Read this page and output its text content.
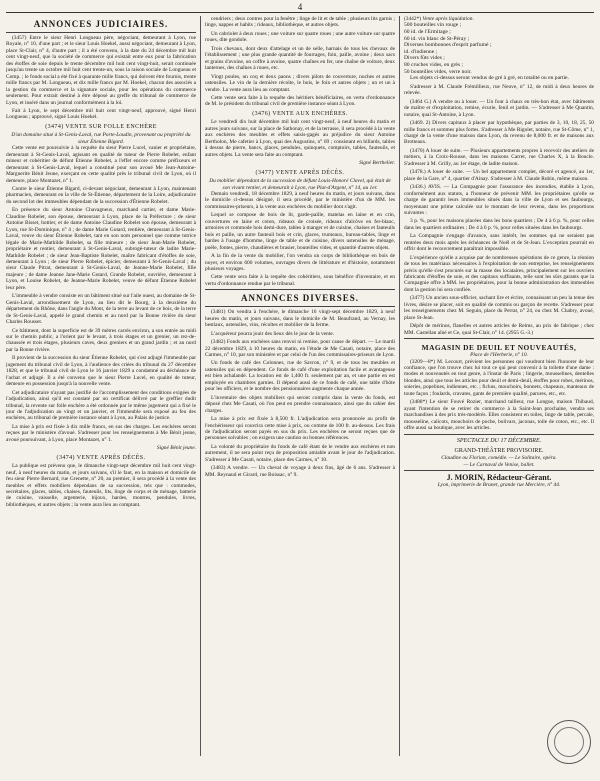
4
ANNONCES JUDICIAIRES.

(3457) Entre le sieur Henri Longueau père, négociant, demeurant à Lyon, rue Royale, n° 10, d'une part ; et le sieur Louis Hoekel, aussi négociant, demeurant à Lyon, place St-Clair, n° 4, d'autre part ; il a été convenu, à la date du 24 décembre mil huit cent vingt-neuf, que la société de commerce qui existait entre eux pour la fabrication des étoffes de soie depuis le trente décembre mil huit cent vingt-huit, serait continuée jusqu'au trente un octobre mil huit cent trente-un, sous la raison sociale de Longueau et Comp. ; le fonds social a été fixé à quarante mille francs, qui doivent être fournis, trente mille francs par M. Longueau, et dix mille francs par M. Hoekel, chacun des associés a la gestion du commerce et la signature sociale, pour les opérations du commerce seulement. Pour extrait destiné à être déposé au greffe du tribunal de commerce de Lyon, et inséré dans un journal conformément à la loi.

Fait à Lyon, le sept décembre mil huit cent vingt-neuf, approuvé, signé Henri Longueau ; approuvé, signé Louis Hoekel.

(3474) VENTE SUR FOLLE ENCHÈRE
D'un domaine situé à St-Genis-Laval, rue Porte-Loudin, provenant ou propriété du sieur Étienne Bigard.

Cette vente est poursuivie à la requête du sieur Pierre Lucel, vanier et propriétaire, demeurant à St-Genis-Laval, agissant en qualité de tuteur de Pierre Robelet, enfant mineur et cohéritier de défunt Étienne Robelet, a l'effet encore comme préfixeurs et demeurant à St-Genis-Laval, lequel a constitué pour son avoué Me Jean-Antoine-Marguerite Bénit Jeune, exerçant en cette qualité près le tribunal civil de Lyon, où il demeure, place Montazet, n° 1.

Contre le sieur Étienne Bigard, ci-devant négociant, demeurant à Lyon, maintenant pharmacien, demeurant en la ville de St-Étienne, département de la Loire, adjudicataire du second lot des immeubles dépendant de la succession d'Étienne Robelet.

En présence du sieur Antoine Chavagneux, marchand cartier, et dame Marie-Claudine Robelet, son épouse, demeurant à Lyon, place de la Préfecture ; de sieur Antoine Bisset, bottier, et de dame Antoine Claudine Robelet son épouse, demeurant à Lyon, rue St-Dominique, n° 4 ; de dame Marie Gotard, rentière, demeurant à St-Genis-Laval, veuve du sieur Étienne Robelet, tant en son nom personnel que comme tutrice légale de Marie-Mathilde Robelet, sa fille mineure ; de sieur Jean-Marie Robelet, propriétaire et rentier, demeurant à St-Genis-Laval, subrogé-tuteur de ladite Marie-Mathilde Robelet ; de sieur Jean-Baptiste Robelet, maître fabricant d'étoffes de soie, demeurant à Lyon ; de sieur Pierre Robelet, épicier, demeurant à St-Genis-Laval ; du sieur Claude Pitrat, demeurant à St-Genis-Laval, de Jeanne-Marie Robelet, fille majeure ; de dame Jeanne Jane-Marie Gotard, Grande Robelet, ouvrière, demeurant à Lyon, et Louise Robelet, de Jeanne-Marie Robelet, veuve de défunt Étienne Robelet leur père.

L'immeuble à vendre consiste en un bâtiment situé sur l'aile ouest, au domaine de St-Genis-Laval, arrondissement de Lyon, au lieu dit le Bourg, à la deuxième du département du Rhône, dans l'angle du Mont, de la terre au levant de ce bois, de la terre de St-Genis-Laval, appelé le grand chemin et au nord par la Bonne rivière du sieur Charles Rousset.

Ce bâtiment, dont la superficie est de 39 mètres carrés environ, a son entrée au midi sur le chemin public, a l'orient par le levant, à trois étages et un grenier, un rez-de-chaussée et trois étages, plusieurs caves, deux greniers et un grand jardin ; et au nord par la Bonne rivière.

Il provient de la succession du sieur Étienne Robelet, qui s'est adjugé l'immeuble par jugement du tribunal civil de Lyon, à l'audience des criées du tribunal du 27 décembre 1828, et que le tribunal civil de Lyon le 16 janvier 1829 a condamné au déchéance de l'achat et adjugé. Il a été convenu que le sieur Pierre Lucel, en qualité de tuteur, demeure en possession jusqu'à la nouvelle vente.

Cet adjudicataire n'ayant pas justifié de l'accomplissement des conditions exigées de l'adjudication, ainsi qu'il est constaté par un certificat délivré par le greffier dudit tribunal, la revente sur folle enchère a été ordonnée par le même jugement qui a fixé le jour de l'adjudication au vingt et un janvier, et l'immeuble sera exposé au feu des enchères, au tribunal de première instance séant à Lyon, au Palais de justice.

La mise à prix est fixée à dix mille francs, en sus des charges. Les enchères seront reçues par le ministère d'avoué. S'adresser pour les renseignements à Me Bénit jeune, avoué poursuivant, à Lyon, place Montazet, n° 1.

Signé Bénit jeune.
(3474) VENTE APRÈS DÉCÈS.

La publique est prévenu que, le dimanche vingt-sept décembre mil huit cent vingt-neuf, à neuf heures du matin, et jours suivans, s'il le faut, en la maison et domicile de feu sieur Pierre Bernard, rue Grenette, n° 20, au premier, il sera procédé à la vente des meubles et effets mobiliers dépendans de sa succession, tels que : commodes, secrétaires, glaces, tables, chaises, fauteuils, lits, linge de corps et de ménage, batterie de cuisine, vaisselle, argenterie, bijoux, hardes, montres, pendules, livres, bibliothèques, et autres objets ; la vente aura lieu au comptant.

cendriers ; deux contres pour la fenêtre ; linge de lit et de table ; plusieurs lits garnis ; linge, nappes et habits ; rideaux, bibliothèque, et autres objets.

Un cabriolet à deux roues ; une voiture sur quatre roues ; une autre voiture sur quatre roues, dite gondole.

Trois chevaux, dont deux d'attelage et un de selle, harnais de tous les chevaux de l'établissement ; une plus grande quantité de fourrages, foin, paille, avoine ; deux sacs et grains d'avoine, un coffre à avoine, quatre chaînes en fer, une chaîne de voiture, deux lanternes, des chaînes à roues, etc.

Vingt poules, un coq et deux paons ; divers pilots de couverture, nuches et autres ustensiles. Le vin de la dernière récolte, le bois, le foin et autres objets ; un et un à vendre. La vente aura lieu au comptant.

Cette vente sera faite à la requête des héritiers bénéficiaires, en vertu d'ordonnance de M. le président du tribunal civil de première instance séant à Lyon.

(3476) VENTE AUX ENCHÈRES.

Le vendredi dix huit décembre mil huit cent vingt-neuf, à neuf heures du matin et autres jours suivans, sur la place de Sathonay, et de la terrasse, il sera procédé à la vente aux enchères des meubles et effets saisis-gagés au préjudice du sieur Antoine Bertholon, Me cafetier à Lyon, quai des Augustins, n° 69 ; consistant en billards, tables à dessus de pierre, bancs, glaces, pendules, quinquets, comptoirs, tables, fauteuils, et autres objets. La vente sera faite au comptant.

Signé Berthelier.
(3477) VENTE APRÈS DÉCÈS.
Du mobilier dépendant de la succession de défunt Louis-Honoré Clavel, qui était de son vivant rentier, et demeurait à Lyon, rue Plat-d'Argent, n° 14, au 1er.

Demain vendredi, 18 décembre 1829, à neuf heures du matin, et jours suivans, dans le domicile ci-dessus désigné, il sera procédé, par le ministère d'un de MM. les commissaires-priseurs, à la vente aux enchères du mobilier dont s'agit.

Lequel se compose de bois de lit, garde-paille, matelas en laine et en crin, couvertures en laine et coton, rideaux de croisée, rideaux d'alcôve en fer-blanc, armoires et commode bois demi-dure, tables à manger et de cuisine, chaises et fauteuils bois et paille, un autre fauteuil bois et crin, glaces, trumeaux, bureau-tables, linge et hardes à l'usage d'homme, linge de table et de cuisine, divers ustensiles de ménage, poêle, fontes, pierre, chaudières et brasier, bouteilles vides, et quantité d'autres objets.

A la fin de la vente du mobilier, l'on vendra un corps de bibliothèque en bois de noyer, et environ 600 volumes, ouvrages divers de littérature et d'histoire, notamment plusieurs voyages.

Cette vente sera faite à la requête des cohéritiers, sous bénéfice d'inventaire, et en vertu d'ordonnance rendue par le tribunal.

ANNONCES DIVERSES.

(3481) On vendra à l'enchère, le dimanche 16 vingt-sept décembre 1829, à neuf heures du matin, et jours suivans, dans le domicile de M. Beaufrand, au Vernay, les bestiaux, ustensiles, vins, récoltes et mobilier de la ferme.

L'acquéreur pourra jouir des lieux dès le jour de la vente.

(3482) Fonds aux enchères sans renvoi ni remise, pour cause de départ. — Le mardi 22 décembre 1829, à 10 heures du matin, en l'étude de Me Casati, notaire, place des Carmes, n° 10, par son ministère et par celui de l'un des commissaires-priseurs de Lyon.

Un fonds de café des Colonnes, rue de Savron, n° 9, et de tous les meubles et ustensiles qui en dépendent. Ce fonds de café d'une exploitation facile et avantageuse est bien achalandé. La location est de 1,400 fr. seulement par an, et une partie en est employée en chambres garnies. Il dépend aussi de ce fonds de café, une table d'hôte pour les officiers, et le nombre des pensionnaires augmente chaque année.

L'inventaire des objets mobiliers qui seront compris dans la vente du fonds, est déposé chez Me Casati, où l'on peut en prendre connaissance, ainsi que du cahier des charges.

La mise à prix est fixée à 8,500 fr. L'adjudication sera prononcée au profit de l'enchérisseur qui couvrira cette mise à prix, ou comme de 100 fr. au-dessus. Les frais de l'adjudication seront payés en sus du prix. Les enchères ne seront reçues que de personnes solvables ; on exigera une caution ou bonnes références.

La volonté du propriétaire du fonds de café étant de le vendre aux enchères et non autrement, il ne sera point reçu de proposition amiable avant le jour de l'adjudication. S'adresser à Me Casati, notaire, place des Carmes, n° 10.

(3483) A vendre. — Un cheval de voyage à deux fins, âgé de 6 ans. S'adresser à MM. Reynaud et Girard, rue Boissac, n° 9.

(3442*) Vente après liquidation.
500 bouteilles vin rouge ;
60 id. de l'Ermitage ;
60 id. vin blanc de St-Péray ;
Diverses bombonnes d'esprit parfumé ;
id. d'indienne ;
Divers fûts vides ;
80 cruches vides, en grès ;
50 bouteilles vides, verre noir.

Les objets ci-dessus seront vendus de gré à gré, en totalité ou en partie.

S'adresser à M. Claude Frémillieux, rue Neuve, n° 12, de midi à deux heures de relevée.

(3464 G.) A vendre ou à louer. — Un four à chaux en très-bon état, avec bâtiments de maître et d'exploitation, remise, écurie, fenil et jardin. — S'adresser à Me Quantin, notaire, quai St-Antoine, à Lyon.

(3469. 2) Divers capitaux à placer par hypothèque, par parties de 3, 10, 18, 25, 50 mille francs et sommes plus fortes. S'adresser à Me Rigolet, notaire, rue St-Côme, n° 1, chargé de la vente d'une maison dans Lyon, du revenu de 8,000 fr. et de maisons aux Brotteaux.

(3470) A louer de suite. — Plusieurs appartements propres à recevoir des ateliers de métiers, à la Croix-Rousse, dans les maisons Carret, rue Charles X, à la Boucle. S'adresser à M. Grilly, au 1er étage, de ladite maison.

(3478.) A louer de suite. — Un bel appartement complet, décoré et agencé, au 1er, place de la Gare, n° 4, quartier d'Ainay. S'adresser à M. Claude Rubin, même maison.

(3436.) AVIS. — La Compagnie pour l'assurance des incendies, établie à Lyon, conformément aux statuts, a l'honneur de prévenir MM. les propriétaires qu'elle se charge de garantir leurs immeubles situés dans la ville de Lyon et ses faubourgs, moyennant une prime calculée sur le montant de leur revenu, dans les proportions suivantes :

3 p. %, pour les maisons placées dans les bons quartiers ; De 4 à 6 p. %, pour celles dans les quartiers ordinaires ; De 4 à 6 p. %, pour celles situées dans les faubourgs.

La Compagnie s'engage d'avance, sans intérêt, les sommes qui ne seraient pas rentrées deux mois après les échéances de Noël et de St-Jean. L'exception pourrait en offrir dont le recouvrement paraîtrait impossible.

L'expérience qu'elle a acquise par de nombreuses opérations de ce genre, la réunion de tous les matériaux nécessaires à l'exploitation de son entreprise, les renseignements précis qu'elle s'est procurés sur la masse des locataires, principalement sur les ouvriers fabricants d'étoffes de soie, et des capitaux suffisants, telle sont les sûrs garants que la Compagnie offre à MM. les propriétaires, pour la bonne administration des immeubles dont la gestion lui sera confiée.

(3477) Un ancien sous-officier, sachant lire et écrire, connaissant un peu la tenue des livres, désire se placer, soit en qualité de commis ou garçon de recette. S'adresser pour les renseignements chez M. Seguin, place du Perrat, n° 24, ou chez M. Chabry, avoué, place St-Jean.

Dépôt de mérinos, flanelles et autres articles de Reims, au prix de fabrique ; chez MM. Castellan aîné et Ce, quai St-Clair, n° 14. (2955 G.-3.)

MAGASIN DE DEUIL ET NOUVEAUTÉS,
Place de l'Herberie, n° 10.

(3209—8*) M. Lecourt, prévient les personnes qui voudront bien l'honorer de leur confiance, que l'on trouve chez lui tout ce qui peut convenir à la toilette d'une dame : modes et nouveautés en tout genre, à l'instar de Paris ; lingerie, mousselines, dentelles blondes, ainsi que tous les articles pour deuil et demi-deuil, étoffes pour robes, mérinos, soieries, popelines, indiennes, etc. ; fichus, mouchoirs, bonnets, chapeaux, manteaux de toute façon ; foulards, cravates, gants de première qualité, parures, etc., etc.

(3488*) Le sieur Fouvé Rozier, marchand tailleur, rue Longue, maison Thibaud, ayant l'intention de se retirer du commerce à la Saint-Jean prochaine, vendra ses marchandises à des prix très-modérés. Elles consistent en toiles, linge de table, percale, mousseline, calicots, mouchoirs de poche, bolivars, jaconas, toile de coton, etc., etc. Il offre aussi sa boutique, avec les articles.

SPECTACLE DU 17 DÉCEMBRE.
GRAND-THÉÂTRE PROVISOIRE.
Claudine ou Florian, comédie. — Le Solitaire, opéra.
— Le Carnaval de Venise, ballet.
J. MORIN, Rédacteur-Gérant.
Lyon, imprimerie de Brunet, grande rue Mercière, n° 44.
